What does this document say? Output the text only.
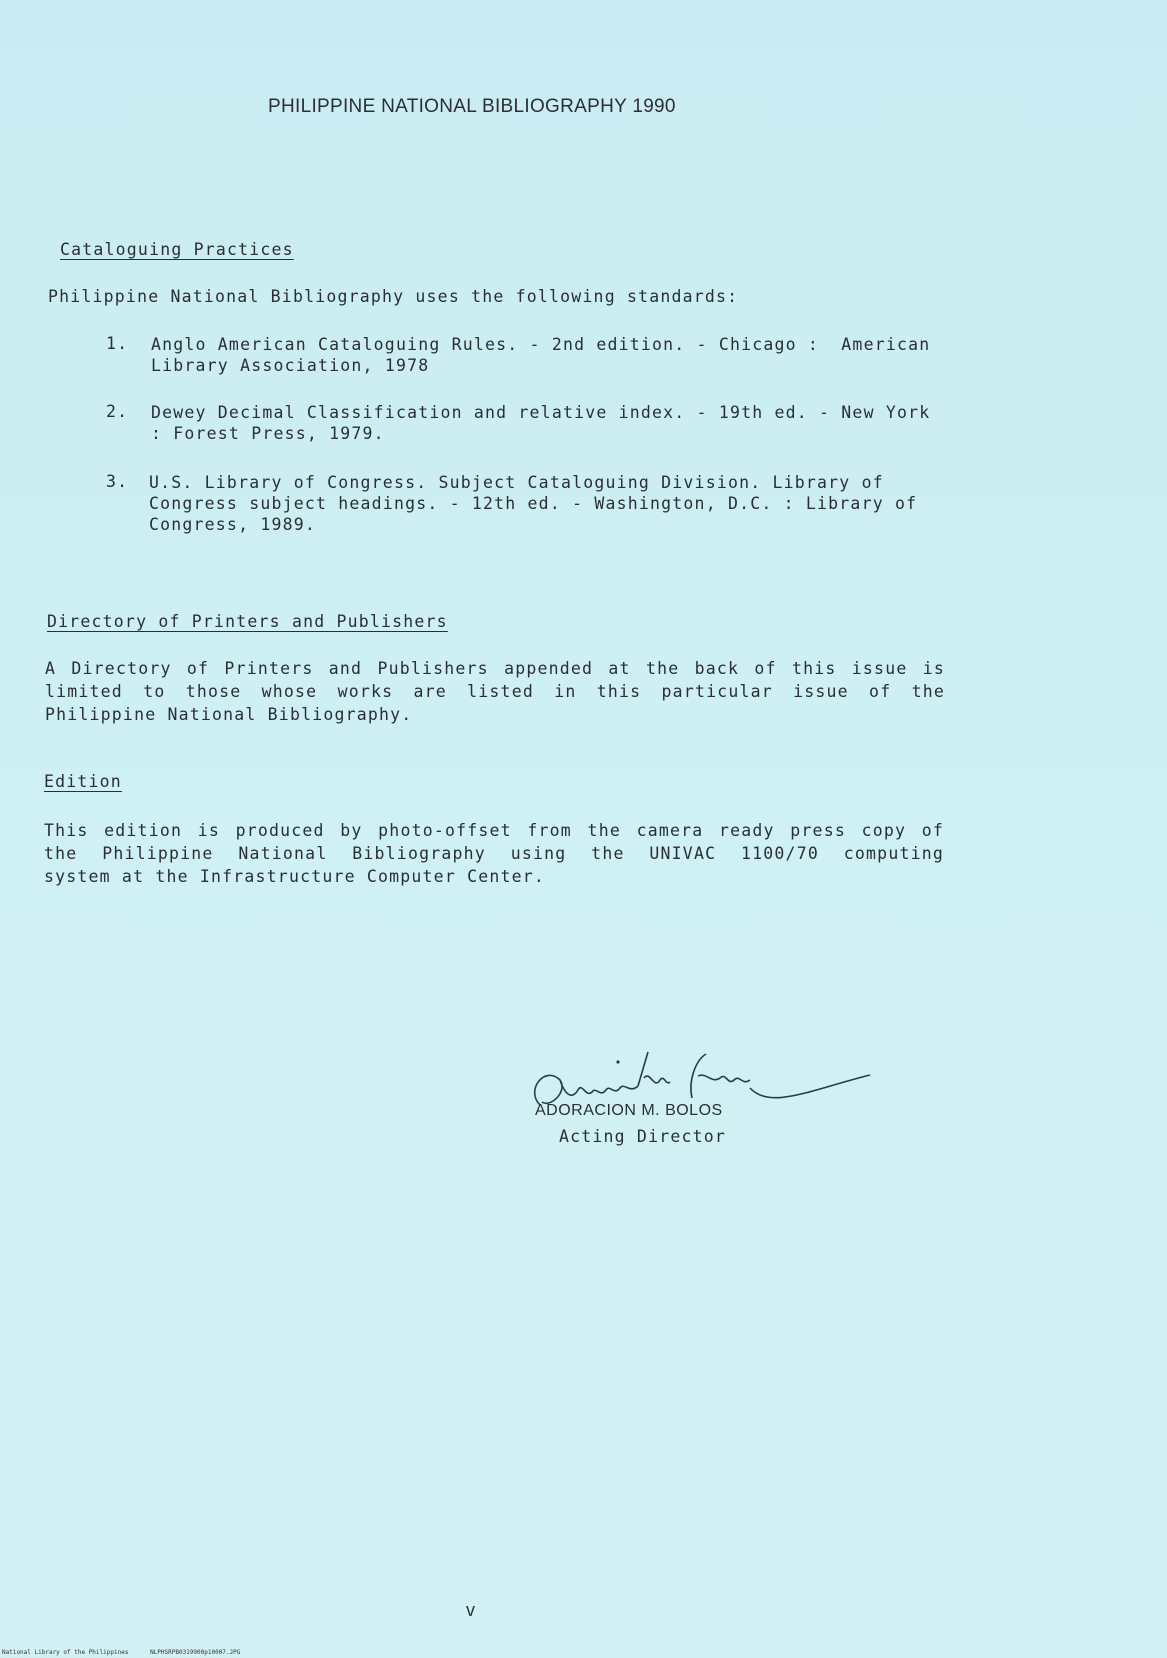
PHILIPPINE NATIONAL BIBLIOGRAPHY 1990
Cataloguing Practices
Philippine National Bibliography uses the following standards:
1. Anglo American Cataloguing Rules. - 2nd edition. - Chicago :  American
Library Association, 1978
2. Dewey Decimal Classification and relative index. - 19th ed. - New York
: Forest Press, 1979.
3. U.S. Library of Congress. Subject Cataloguing Division. Library of
Congress subject headings. - 12th ed. - Washington, D.C. : Library of
Congress, 1989.
Directory of Printers and Publishers
A Directory of Printers and Publishers appended at the back of this issue is
limited to those whose works are listed in this particular issue of the
Philippine National Bibliography.
Edition
This edition is produced by photo-offset from the camera ready press copy of
the Philippine National Bibliography using the UNIVAC 1100/70 computing
system at the Infrastructure Computer Center.
ADORACION M. BOLOS
Acting Director
v
National Library of the Philippines	NLPHSRPB0319900p10007.JPG
